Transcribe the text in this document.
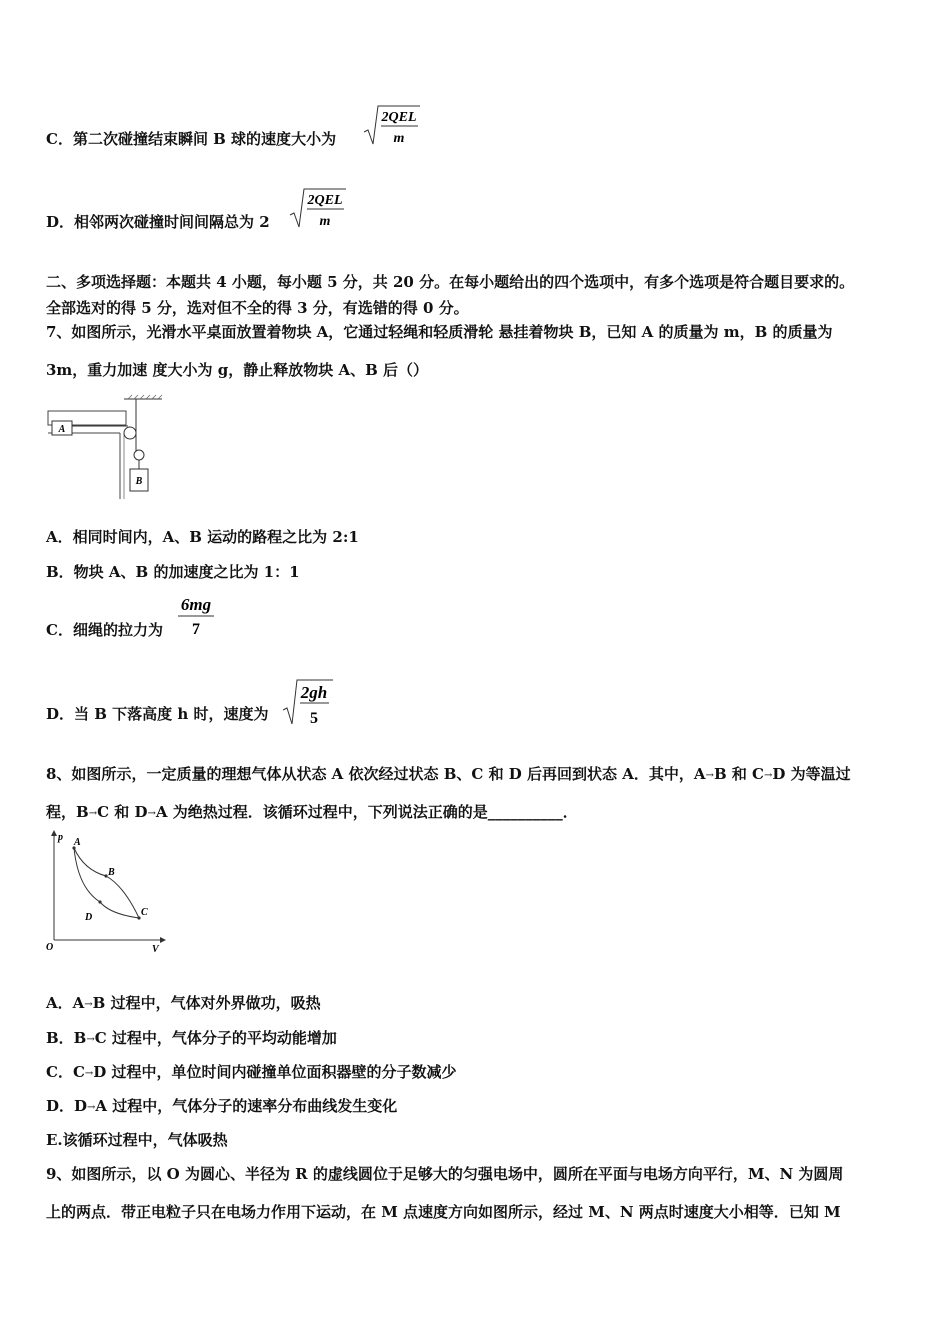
C．第二次碰撞结束瞬间 B 球的速度大小为
2QEL
m
D．相邻两次碰撞时间间隔总为 2
2QEL
m
二、多项选择题：本题共 4 小题，每小题 5 分，共 20 分。在每小题给出的四个选项中，有多个选项是符合题目要求的。
全部选对的得 5 分，选对但不全的得 3 分，有选错的得 0 分。
7、如图所示，光滑水平桌面放置着物块 A，它通过轻绳和轻质滑轮 悬挂着物块 B，已知 A 的质量为 m，B 的质量为
3m，重力加速 度大小为 g，静止释放物块 A、B 后（）
A
B
A．相同时间内，A、B 运动的路程之比为 2:1
B．物块 A、B 的加速度之比为 1：1
C．细绳的拉力为
6mg
7
D．当 B 下落高度 h 时，速度为
2gh
5
8、如图所示，一定质量的理想气体从状态 A 依次经过状态 B、C 和 D 后再回到状态 A．其中，A→B 和 C→D 为等温过
程，B→C 和 D→A 为绝热过程．该循环过程中，下列说法正确的是__________．
p
V
O
A
B
C
D
A．A→B 过程中，气体对外界做功，吸热
B．B→C 过程中，气体分子的平均动能增加
C．C→D 过程中，单位时间内碰撞单位面积器壁的分子数减少
D．D→A 过程中，气体分子的速率分布曲线发生变化
E.该循环过程中，气体吸热
9、如图所示，以 O 为圆心、半径为 R 的虚线圆位于足够大的匀强电场中，圆所在平面与电场方向平行，M、N 为圆周
上的两点．带正电粒子只在电场力作用下运动，在 M 点速度方向如图所示，经过 M、N 两点时速度大小相等．已知 M
